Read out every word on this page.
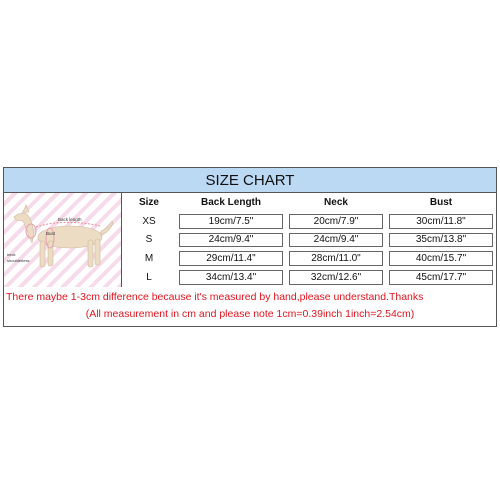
SIZE CHART
Back length
neck
shoulderless
Bust
Size	Back Length	Neck	Bust
XS	19cm/7.5"	20cm/7.9"	30cm/11.8"
S	24cm/9.4"	24cm/9.4"	35cm/13.8"
M	29cm/11.4"	28cm/11.0"	40cm/15.7"
L	34cm/13.4"	32cm/12.6"	45cm/17.7"
There maybe 1-3cm difference because it's measured by hand,please understand.Thanks
(All measurement in cm and please note 1cm=0.39inch 1inch=2.54cm)
